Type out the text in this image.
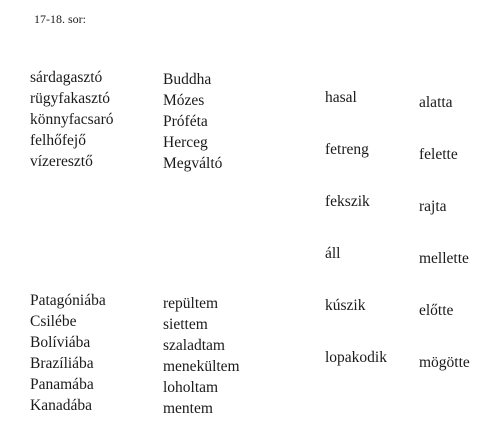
17-18. sor:
sárdagasztó
rügyfakasztó
könnyfacsaró
felhőfejő
vízeresztő
Buddha
Mózes
Próféta
Herceg
Megváltó
hasal
fetreng
fekszik
áll
kúszik
lopakodik
alatta
felette
rajta
mellette
előtte
mögötte
Patagóniába
Csilébe
Bolíviába
Brazíliába
Panamába
Kanadába
repültem
siettem
szaladtam
menekültem
loholtam
mentem
